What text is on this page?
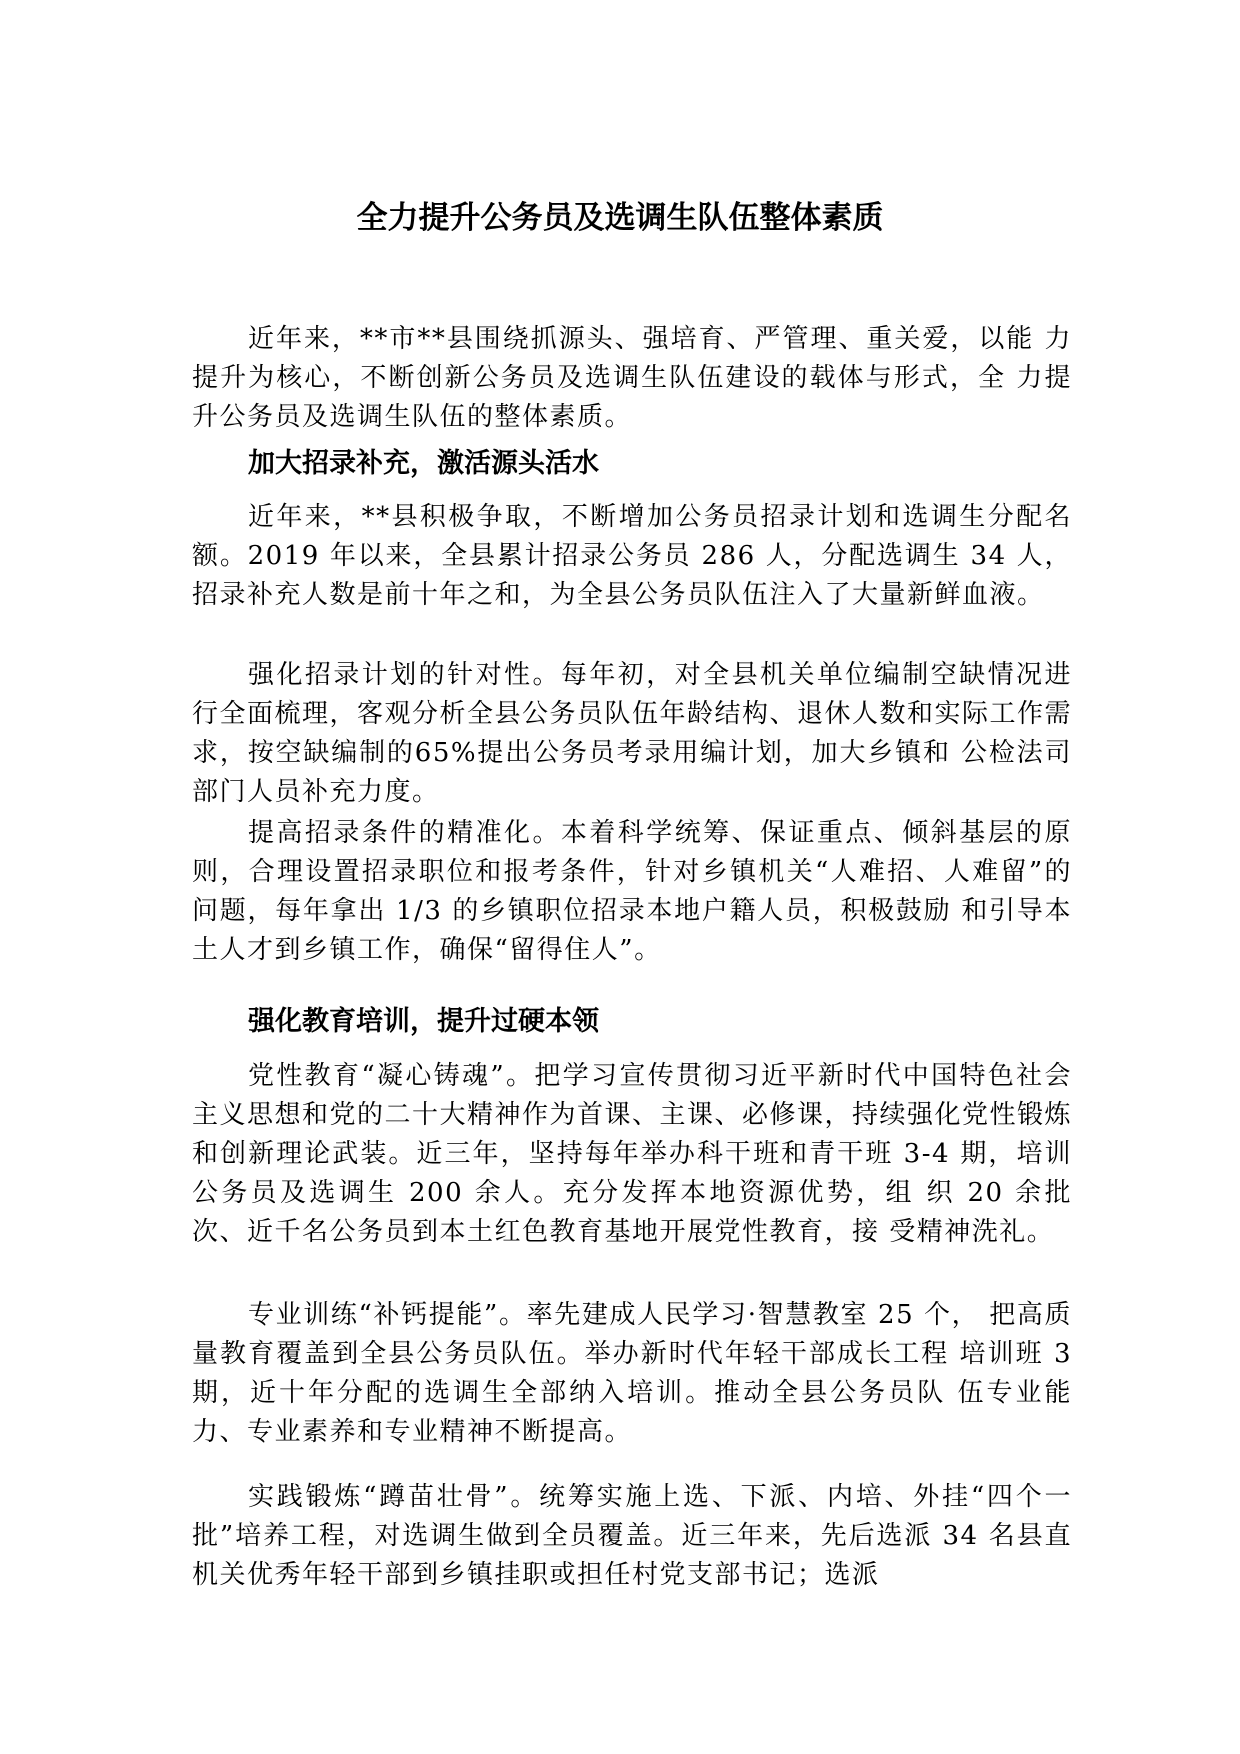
全力提升公务员及选调生队伍整体素质

近年来，**市**县围绕抓源头、强培育、严管理、重关爱，以能 力提升为核心，不断创新公务员及选调生队伍建设的载体与形式，全 力提升公务员及选调生队伍的整体素质。

加大招录补充，激活源头活水

近年来，**县积极争取，不断增加公务员招录计划和选调生分配名额。2019 年以来，全县累计招录公务员 286 人，分配选调生 34 人， 招录补充人数是前十年之和，为全县公务员队伍注入了大量新鲜血液。

强化招录计划的针对性。每年初，对全县机关单位编制空缺情况进行全面梳理，客观分析全县公务员队伍年龄结构、退休人数和实际工作需求，按空缺编制的65%提出公务员考录用编计划，加大乡镇和 公检法司部门人员补充力度。

提高招录条件的精准化。本着科学统筹、保证重点、倾斜基层的原则，合理设置招录职位和报考条件，针对乡镇机关“人难招、人难留”的问题，每年拿出 1/3 的乡镇职位招录本地户籍人员，积极鼓励 和引导本土人才到乡镇工作，确保“留得住人”。

强化教育培训，提升过硬本领

党性教育“凝心铸魂”。把学习宣传贯彻习近平新时代中国特色社会主义思想和党的二十大精神作为首课、主课、必修课，持续强化党性锻炼和创新理论武装。近三年，坚持每年举办科干班和青干班 3-4 期，培训公务员及选调生 200 余人。充分发挥本地资源优势，组 织 20 余批次、近千名公务员到本土红色教育基地开展党性教育，接 受精神洗礼。

专业训练“补钙提能”。率先建成人民学习·智慧教室 25 个， 把高质量教育覆盖到全县公务员队伍。举办新时代年轻干部成长工程 培训班 3 期，近十年分配的选调生全部纳入培训。推动全县公务员队 伍专业能力、专业素养和专业精神不断提高。

实践锻炼“蹲苗壮骨”。统筹实施上选、下派、内培、外挂“四个一批”培养工程，对选调生做到全员覆盖。近三年来，先后选派 34 名县直机关优秀年轻干部到乡镇挂职或担任村党支部书记；选派
